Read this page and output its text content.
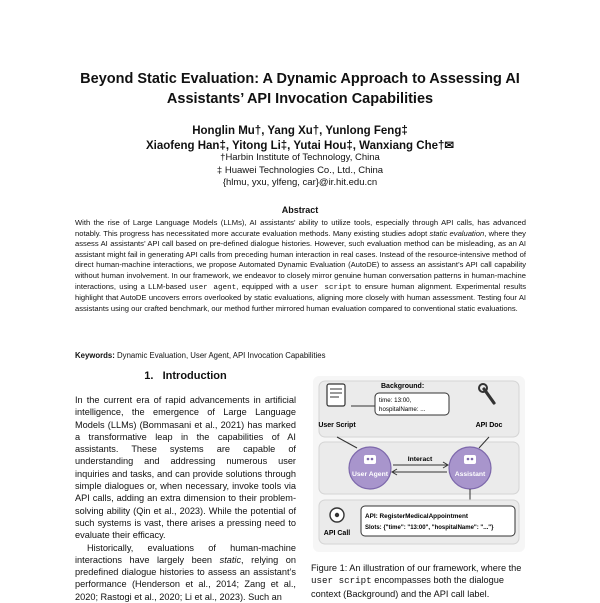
Beyond Static Evaluation: A Dynamic Approach to Assessing AI Assistants’ API Invocation Capabilities
Honglin Mu†, Yang Xu†, Yunlong Feng‡
Xiaofeng Han‡, Yitong Li‡, Yutai Hou‡, Wanxiang Che†✉
†Harbin Institute of Technology, China
‡ Huawei Technologies Co., Ltd., China
{hlmu, yxu, ylfeng, car}@ir.hit.edu.cn
Abstract
With the rise of Large Language Models (LLMs), AI assistants’ ability to utilize tools, especially through API calls, has advanced notably. This progress has necessitated more accurate evaluation methods. Many existing studies adopt static evaluation, where they assess AI assistants’ API call based on pre-defined dialogue histories. However, such evaluation method can be misleading, as an AI assistant might fail in generating API calls from preceding human interaction in real cases. Instead of the resource-intensive method of direct human-machine interactions, we propose Automated Dynamic Evaluation (AutoDE) to assess an assistant’s API call capability without human involvement. In our framework, we endeavor to closely mirror genuine human conversation patterns in human-machine interactions, using a LLM-based user agent, equipped with a user script to ensure human alignment. Experimental results highlight that AutoDE uncovers errors overlooked by static evaluations, aligning more closely with human assessment. Testing four AI assistants using our crafted benchmark, our method further mirrored human evaluation compared to conventional static evaluations.
Keywords: Dynamic Evaluation, User Agent, API Invocation Capabilities
1. Introduction

In the current era of rapid advancements in artificial intelligence, the emergence of Large Language Models (LLMs) (Bommasani et al., 2021) has marked a transformative leap in the capabilities of AI assistants. These systems are capable of understanding and addressing numerous user inquiries and tasks, and can provide solutions through simple dialogues or, when necessary, invoke tools via API calls, adding an extra dimension to their problem-solving ability (Qin et al., 2023). While the potential of such systems is vast, there arises a pressing need to evaluate their efficacy.

Historically, evaluations of human-machine interactions have largely been static, relying on predefined dialogue histories to assess an assistant’s performance (Henderson et al., 2014; Zang et al., 2020; Rastogi et al., 2020; Li et al., 2023). Such an

User Script
Background:
time: 13:00,
hospitalName: ...
API Doc
User Agent	Assistant
Interact
API Call
API: RegisterMedicalAppointment
Slots: {"time": "13:00", "hospitalName": "..."}
Figure 1: An illustration of our framework, where the user script encompasses both the dialogue context (Background) and the API call label.
